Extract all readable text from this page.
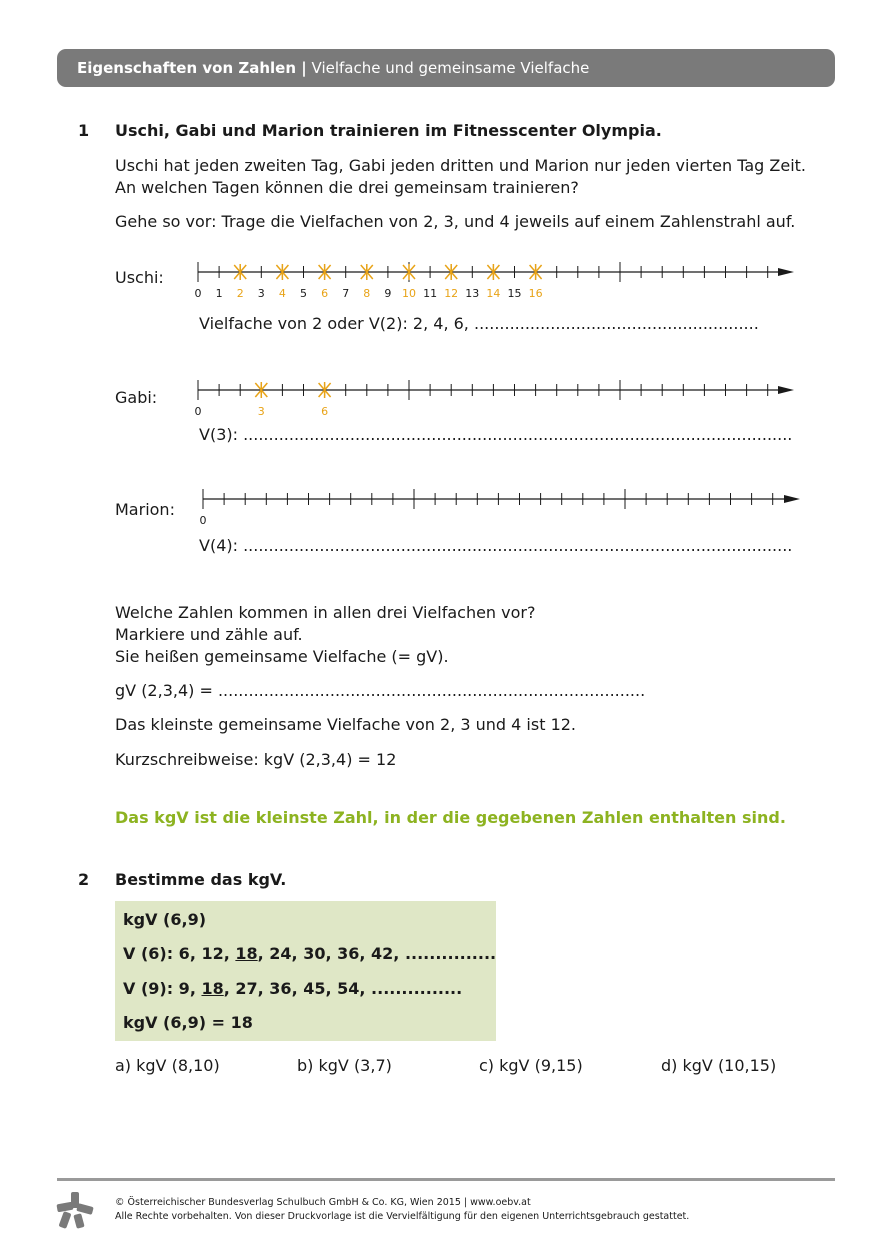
Eigenschaften von Zahlen | Vielfache und gemeinsame Vielfache
1 Uschi, Gabi und Marion trainieren im Fitnesscenter Olympia.
Uschi hat jeden zweiten Tag, Gabi jeden dritten und Marion nur jeden vierten Tag Zeit.
An welchen Tagen können die drei gemeinsam trainieren?
Gehe so vor: Trage die Vielfachen von 2, 3, und 4 jeweils auf einem Zahlenstrahl auf.
Uschi:
0 1 2 3 4 5 6 7 8 9 10 11 12 13 14 15 16
Vielfache von 2 oder V(2): 2, 4, 6, ........................................................
Gabi:
0	3	6
V(3): ............................................................................................................
Marion:
0
V(4): ............................................................................................................
Welche Zahlen kommen in allen drei Vielfachen vor?
Markiere und zähle auf.
Sie heißen gemeinsame Vielfache (= gV).
gV (2,3,4) = ....................................................................................
Das kleinste gemeinsame Vielfache von 2, 3 und 4 ist 12.
Kurzschreibweise: kgV (2,3,4) = 12
Das kgV ist die kleinste Zahl, in der die gegebenen Zahlen enthalten sind.
2 Bestimme das kgV.
kgV (6,9)
V (6): 6, 12, 18, 24, 30, 36, 42, ...............
V (9): 9, 18, 27, 36, 45, 54, ...............
kgV (6,9) = 18
a) kgV (8,10)	b) kgV (3,7)	c) kgV (9,15)	d) kgV (10,15)
© Österreichischer Bundesverlag Schulbuch GmbH & Co. KG, Wien 2015 | www.oebv.at
Alle Rechte vorbehalten. Von dieser Druckvorlage ist die Vervielfältigung für den eigenen Unterrichtsgebrauch gestattet.
